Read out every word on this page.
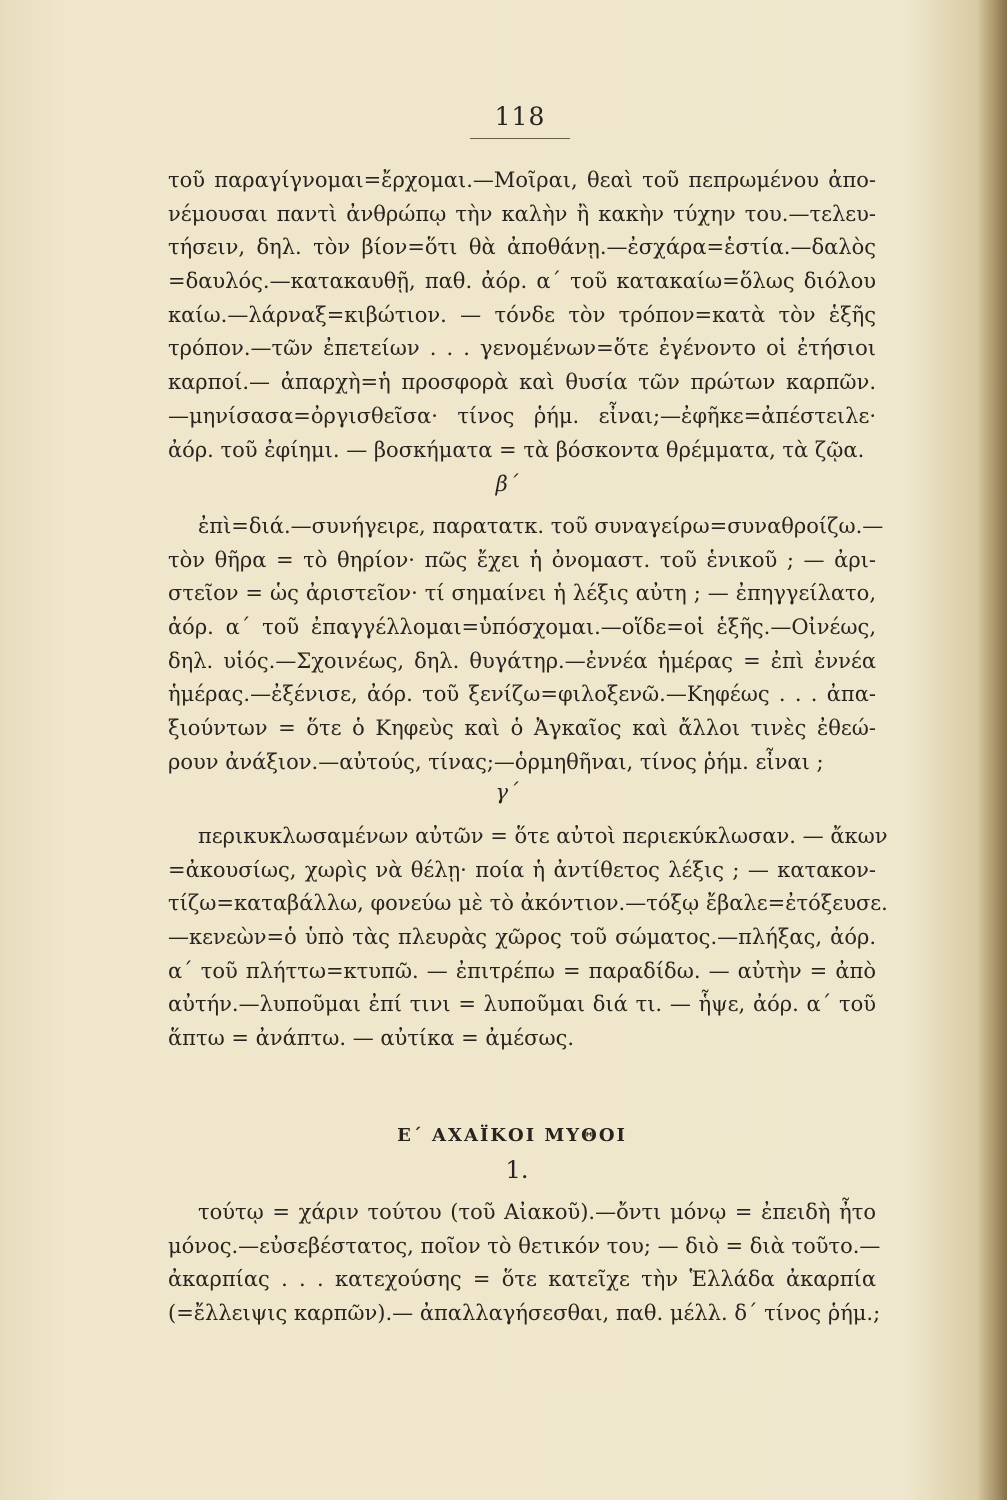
118
τοῦ παραγίγνομαι=ἔρχομαι.—Μοῖραι, θεαὶ τοῦ πεπρωμένου ἀπο-
νέμουσαι παντὶ ἀνθρώπῳ τὴν καλὴν ἢ κακὴν τύχην του.—τελευ-
τήσειν, δηλ. τὸν βίον=ὅτι θὰ ἀποθάνῃ.—ἐσχάρα=ἑστία.—δαλὸς
=δαυλός.—κατακαυθῇ, παθ. ἀόρ. α΄ τοῦ κατακαίω=ὅλως διόλου
καίω.—λάρναξ=κιβώτιον. — τόνδε τὸν τρόπον=κατὰ τὸν ἑξῆς
τρόπον.—τῶν ἐπετείων . . . γενομένων=ὅτε ἐγένοντο οἱ ἐτήσιοι
καρποί.— ἀπαρχὴ=ἡ προσφορὰ καὶ θυσία τῶν πρώτων καρπῶν.
—μηνίσασα=ὀργισθεῖσα· τίνος ῥήμ. εἶναι;—ἐφῆκε=ἀπέστειλε·
ἀόρ. τοῦ ἐφίημι. — βοσκήματα = τὰ βόσκοντα θρέμματα, τὰ ζῷα.
β΄
ἐπὶ=διά.—συνήγειρε, παρατατκ. τοῦ συναγείρω=συναθροίζω.—
τὸν θῆρα = τὸ θηρίον· πῶς ἔχει ἡ ὀνομαστ. τοῦ ἑνικοῦ ; — ἀρι-
στεῖον = ὡς ἀριστεῖον· τί σημαίνει ἡ λέξις αὐτη ; — ἐπηγγείλατο,
ἀόρ. α΄ τοῦ ἐπαγγέλλομαι=ὑπόσχομαι.—οἵδε=οἱ ἑξῆς.—Οἰνέως,
δηλ. υἱός.—Σχοινέως, δηλ. θυγάτηρ.—ἐννέα ἡμέρας = ἐπὶ ἐννέα
ἡμέρας.—ἐξένισε, ἀόρ. τοῦ ξενίζω=φιλοξενῶ.—Κηφέως . . . ἀπα-
ξιούντων = ὅτε ὁ Κηφεὺς καὶ ὁ Ἀγκαῖος καὶ ἄλλοι τινὲς ἐθεώ-
ρουν ἀνάξιον.—αὐτούς, τίνας;—ὁρμηθῆναι, τίνος ῥήμ. εἶναι ;
γ΄
περικυκλωσαμένων αὐτῶν = ὅτε αὐτοὶ περιεκύκλωσαν. — ἄκων
=ἀκουσίως, χωρὶς νὰ θέλῃ· ποία ἡ ἀντίθετος λέξις ; — κατακον-
τίζω=καταβάλλω, φονεύω μὲ τὸ ἀκόντιον.—τόξῳ ἔβαλε=ἐτόξευσε.
—κενεὼν=ὁ ὑπὸ τὰς πλευρὰς χῶρος τοῦ σώματος.—πλήξας, ἀόρ.
α΄ τοῦ πλήττω=κτυπῶ. — ἐπιτρέπω = παραδίδω. — αὐτὴν = ἀπὸ
αὐτήν.—λυποῦμαι ἐπί τινι = λυποῦμαι διά τι. — ἧψε, ἀόρ. α΄ τοῦ
ἅπτω = ἀνάπτω. — αὐτίκα = ἀμέσως.
Ε΄ ΑΧΑΪΚΟΙ ΜΥΘΟΙ
1.
τούτῳ = χάριν τούτου (τοῦ Αἰακοῦ).—ὄντι μόνῳ = ἐπειδὴ ἦτο
μόνος.—εὐσεβέστατος, ποῖον τὸ θετικόν του; — διὸ = διὰ τοῦτο.—
ἀκαρπίας . . . κατεχούσης = ὅτε κατεῖχε τὴν Ἑλλάδα ἀκαρπία
(=ἔλλειψις καρπῶν).— ἀπαλλαγήσεσθαι, παθ. μέλλ. δ΄ τίνος ῥήμ.;
